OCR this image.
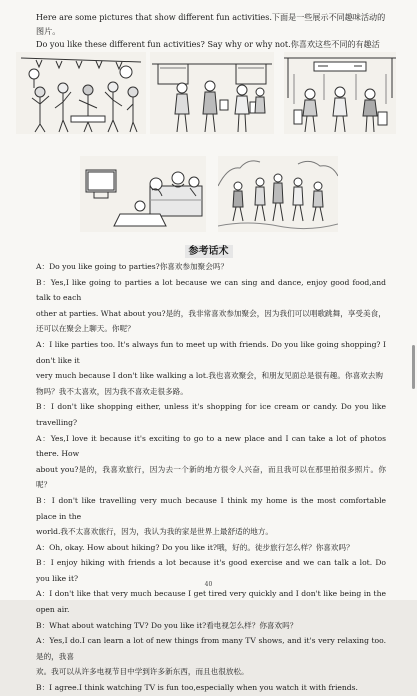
Here are some pictures that show different fun activities.下面是一些展示不同趣味活动的图片。
Do you like these different fun activities? Say why or why not.你喜欢这些不同的有趣活

参考话术

A：Do you like going to parties?你喜欢参加聚会吗？

B：Yes,I like going to parties a lot because we can sing and dance, enjoy good food,and talk to each

other at parties. What about you?是的，我非常喜欢参加聚会，因为我们可以唱歌跳舞，享受美食，

还可以在聚会上聊天。你呢？

A：I like parties too. It's always fun to meet up with friends. Do you like going shopping? I don't like it

very much because I don't like walking a lot.我也喜欢聚会，和朋友见面总是很有趣。你喜欢去购

物吗？我不太喜欢，因为我不喜欢走很多路。

B：I don't like shopping either, unless it's shopping for ice cream or candy. Do you like travelling?

A：Yes,I love it because it's exciting to go to a new place and I can take a lot of photos there. How

about you?是的，我喜欢旅行，因为去一个新的地方很令人兴奋，而且我可以在那里拍很多照片。你呢？

B：I don't like travelling very much because I think my home is the most comfortable place in the

world.我不太喜欢旅行，因为，我认为我的家是世界上最舒适的地方。

A：Oh, okay. How about hiking? Do you like it?哦，好的。徒步旅行怎么样？你喜欢吗？

B：I enjoy hiking with friends a lot because it's good exercise and we can talk a lot. Do you like it?

A：I don't like that very much because I get tired very quickly and I don't like being in the open air.

B：What about watching TV? Do you like it?看电视怎么样？你喜欢吗？

A：Yes,I do.I can learn a lot of new things from many TV shows, and it's very relaxing too.是的，我喜

欢。我可以从许多电视节目中学到许多新东西，而且也很放松。

B：I agree.I think watching TV is fun too,especially when you watch it with friends.

40
